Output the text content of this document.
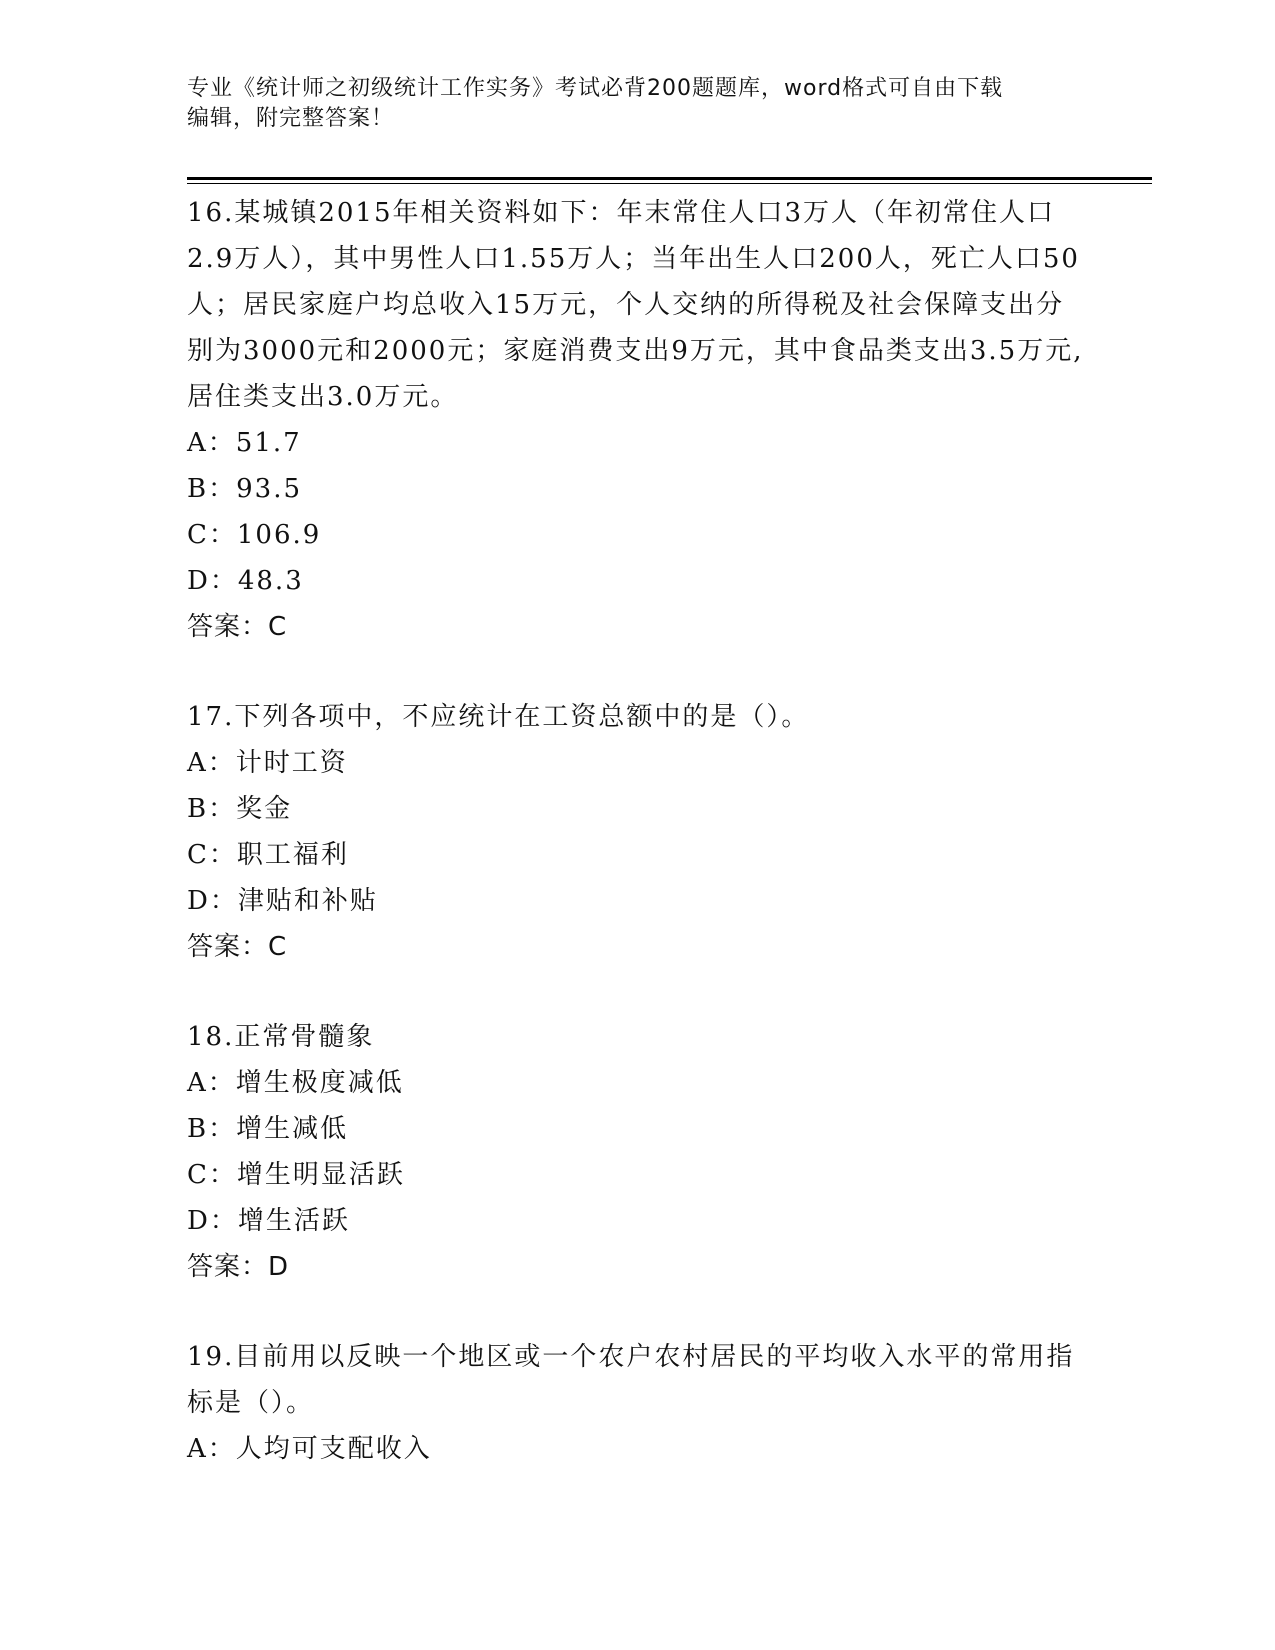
专业《统计师之初级统计工作实务》考试必背200题题库，word格式可自由下载
编辑，附完整答案！

16.某城镇2015年相关资料如下：年末常住人口3万人（年初常住人口2.9万人），其中男性人口1.55万人；当年出生人口200人，死亡人口50人；居民家庭户均总收入15万元，个人交纳的所得税及社会保障支出分别为3000元和2000元；家庭消费支出9万元，其中食品类支出3.5万元,居住类支出3.0万元。

A：51.7

B：93.5

C：106.9

D：48.3

答案：C

17.下列各项中，不应统计在工资总额中的是（）。

A：计时工资

B：奖金

C：职工福利

D：津贴和补贴

答案：C

18.正常骨髓象

A：增生极度减低

B：增生减低

C：增生明显活跃

D：增生活跃

答案：D

19.目前用以反映一个地区或一个农户农村居民的平均收入水平的常用指标是（）。

A：人均可支配收入
